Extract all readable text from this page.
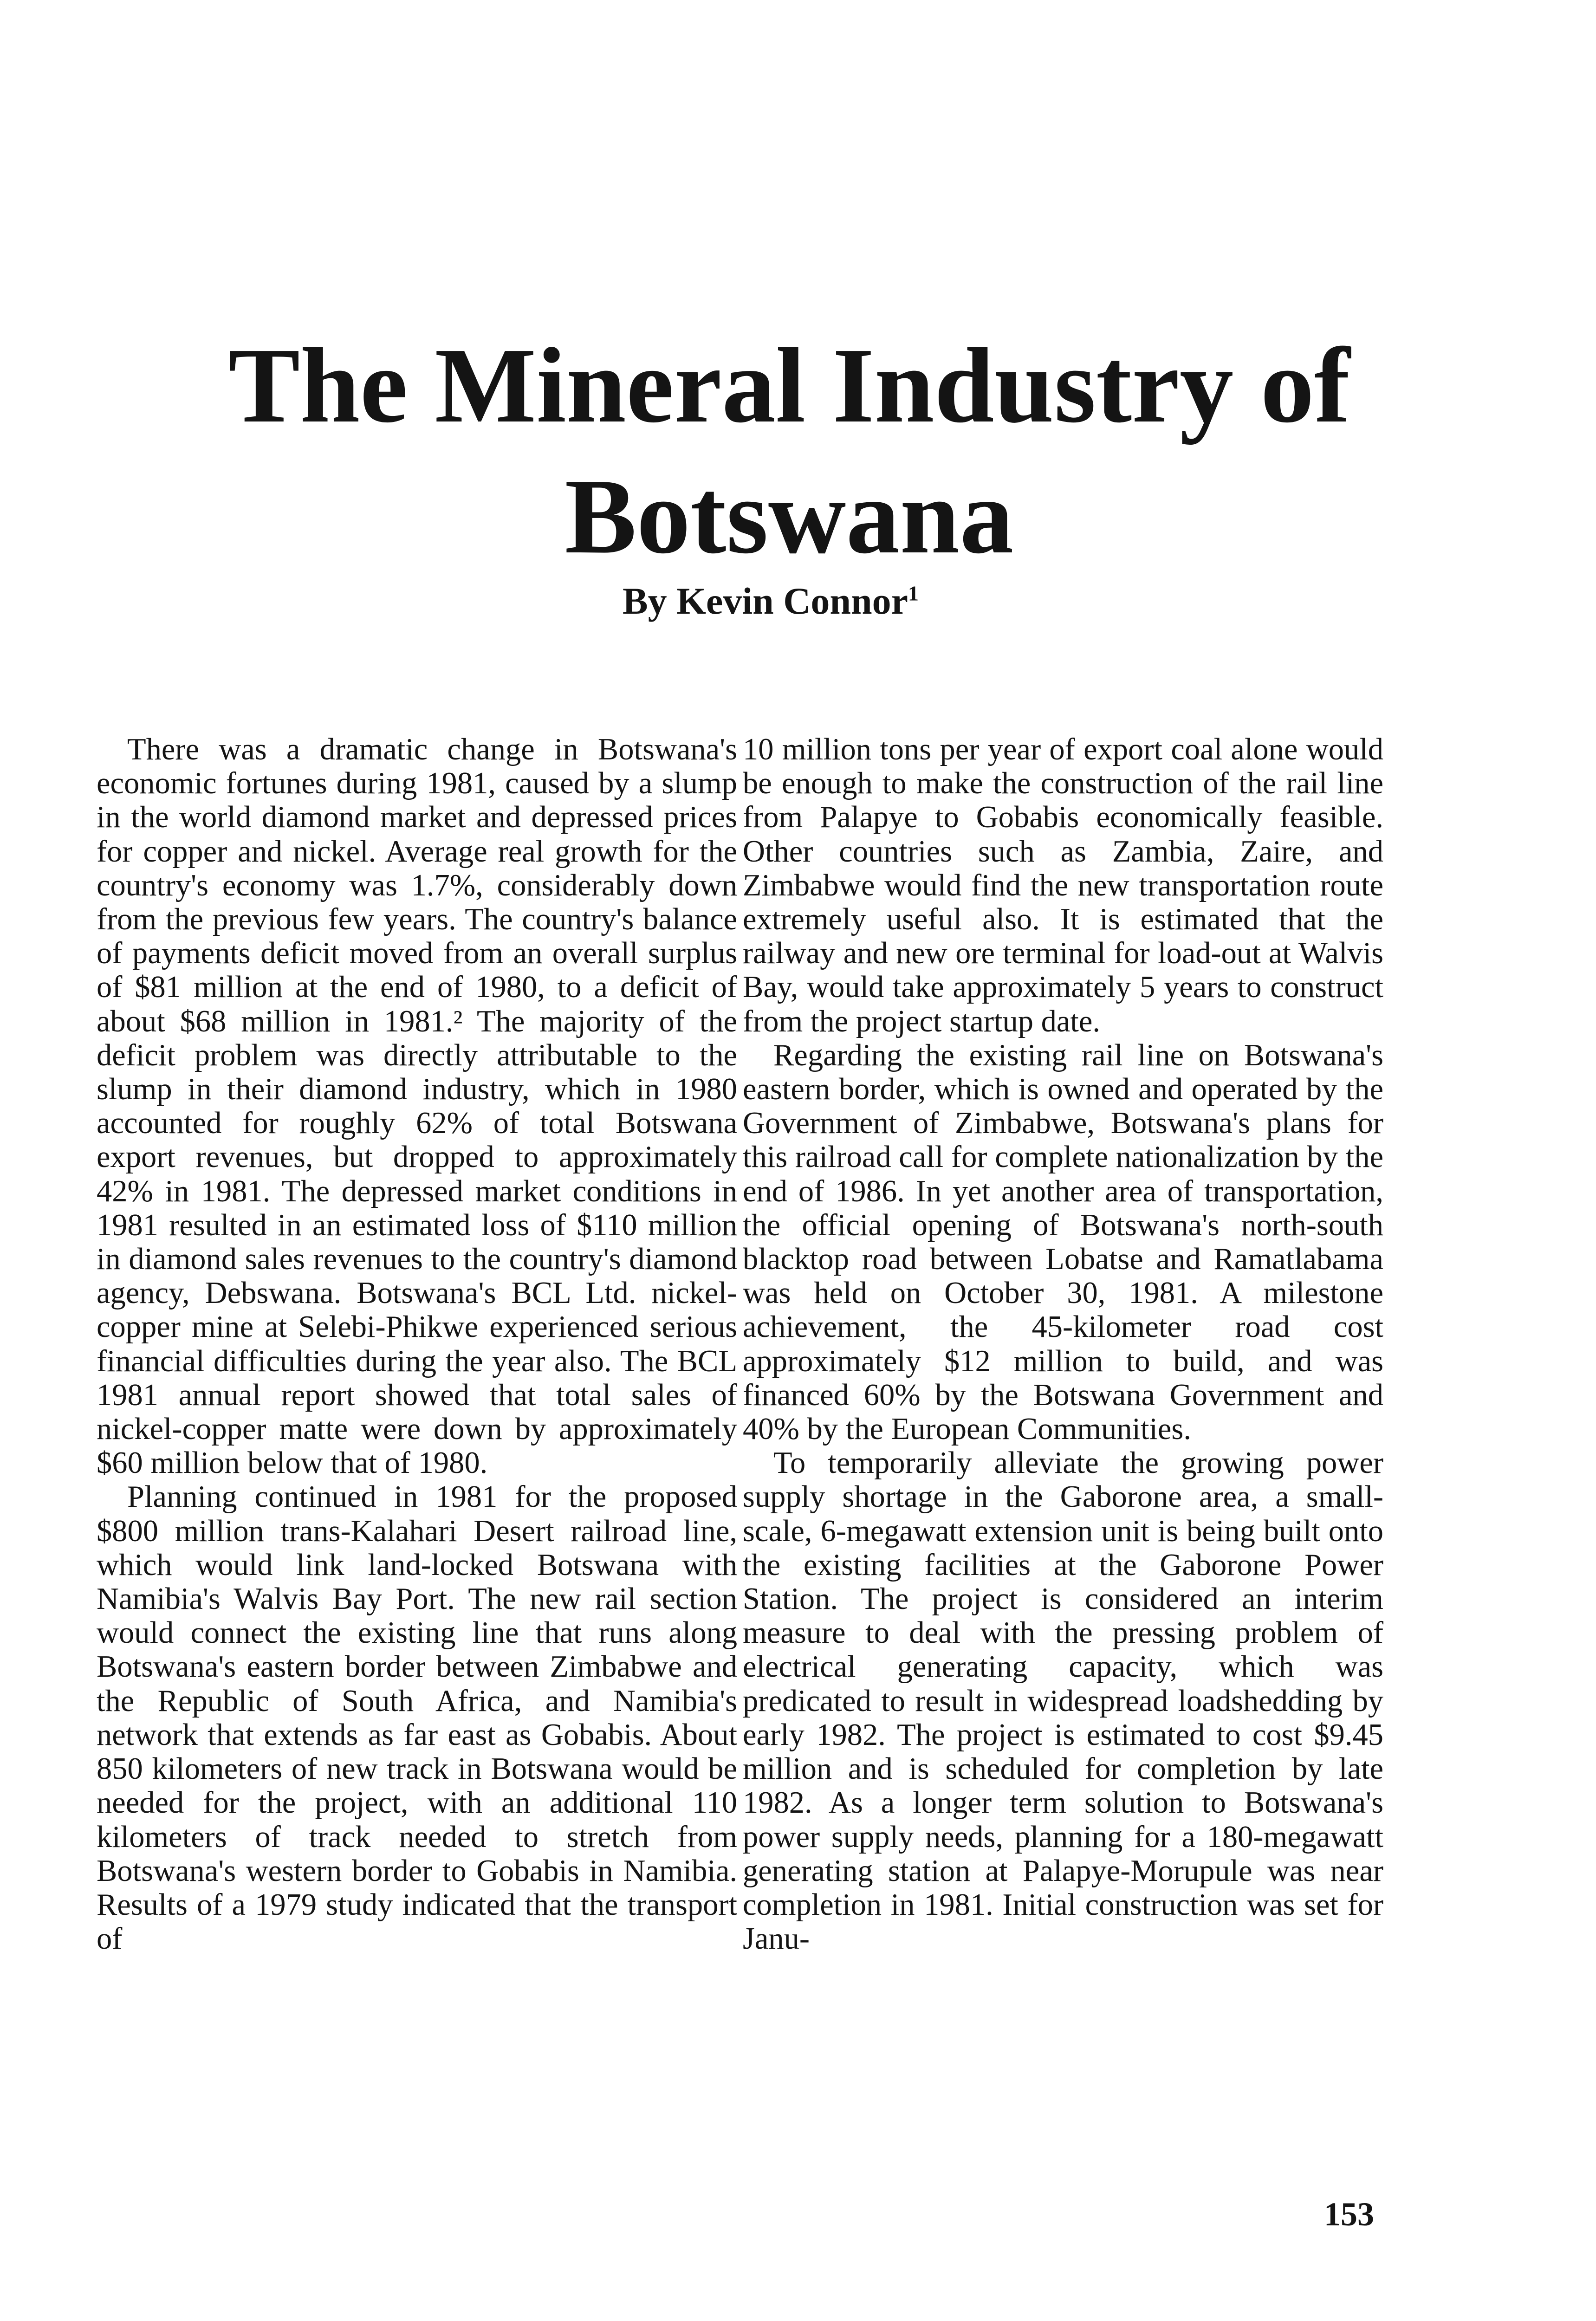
The Mineral Industry of
Botswana

By Kevin Connor$^1$

There was a dramatic change in Botswana's economic fortunes during 1981, caused by a slump in the world diamond market and depressed prices for copper and nickel. Average real growth for the country's economy was 1.7%, considerably down from the previous few years. The country's balance of payments deficit moved from an overall surplus of $81 million at the end of 1980, to a deficit of about $68 million in 1981.² The majority of the deficit problem was directly attributable to the slump in their diamond industry, which in 1980 accounted for roughly 62% of total Botswana export revenues, but dropped to approximately 42% in 1981. The depressed market conditions in 1981 resulted in an estimated loss of $110 million in diamond sales revenues to the country's diamond agency, Debswana. Botswana's BCL Ltd. nickel-copper mine at Selebi-Phikwe experienced serious financial difficulties during the year also. The BCL 1981 annual report showed that total sales of nickel-copper matte were down by approximately $60 million below that of 1980.

Planning continued in 1981 for the proposed $800 million trans-Kalahari Desert railroad line, which would link land-locked Botswana with Namibia's Walvis Bay Port. The new rail section would connect the existing line that runs along Botswana's eastern border between Zimbabwe and the Republic of South Africa, and Namibia's network that extends as far east as Gobabis. About 850 kilometers of new track in Botswana would be needed for the project, with an additional 110 kilometers of track needed to stretch from Botswana's western border to Gobabis in Namibia. Results of a 1979 study indicated that the transport of

10 million tons per year of export coal alone would be enough to make the construction of the rail line from Palapye to Gobabis economically feasible. Other countries such as Zambia, Zaire, and Zimbabwe would find the new transportation route extremely useful also. It is estimated that the railway and new ore terminal for load-out at Walvis Bay, would take approximately 5 years to construct from the project startup date.

Regarding the existing rail line on Botswana's eastern border, which is owned and operated by the Government of Zimbabwe, Botswana's plans for this railroad call for complete nationalization by the end of 1986. In yet another area of transportation, the official opening of Botswana's north-south blacktop road between Lobatse and Ramatlabama was held on October 30, 1981. A milestone achievement, the 45-kilometer road cost approximately $12 million to build, and was financed 60% by the Botswana Government and 40% by the European Communities.

To temporarily alleviate the growing power supply shortage in the Gaborone area, a small-scale, 6-megawatt extension unit is being built onto the existing facilities at the Gaborone Power Station. The project is considered an interim measure to deal with the pressing problem of electrical generating capacity, which was predicated to result in widespread loadshedding by early 1982. The project is estimated to cost $9.45 million and is scheduled for completion by late 1982. As a longer term solution to Botswana's power supply needs, planning for a 180-megawatt generating station at Palapye-Morupule was near completion in 1981. Initial construction was set for Janu-

153
